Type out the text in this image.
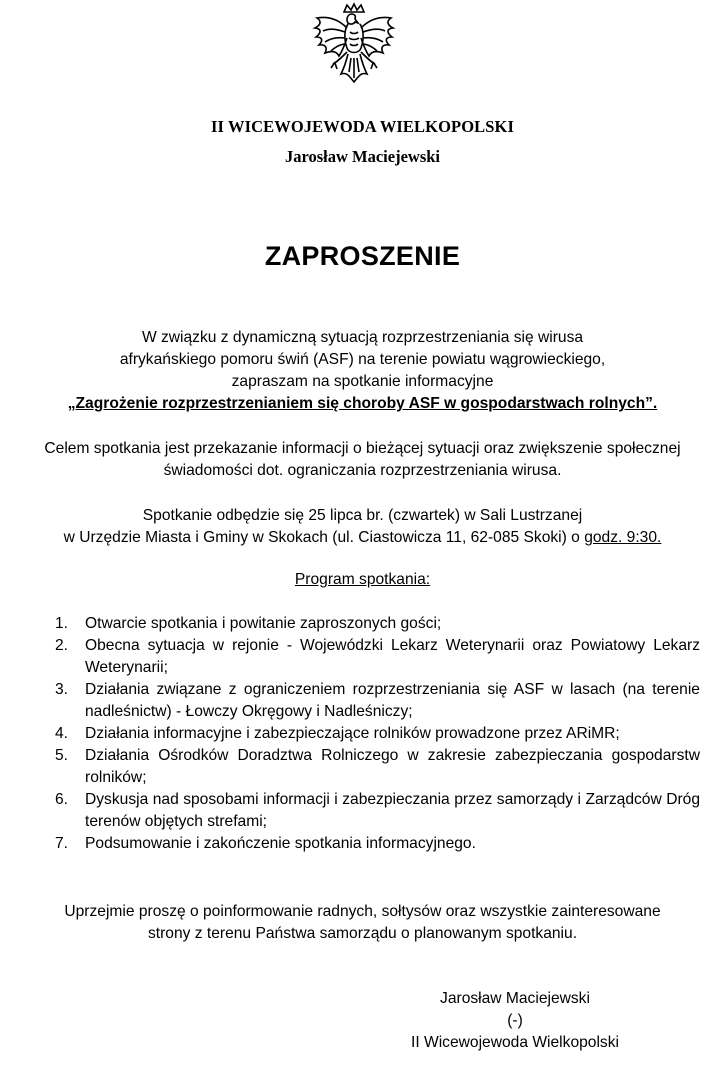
II WICEWOJEWODA WIELKOPOLSKI
Jarosław Maciejewski
ZAPROSZENIE
W związku z dynamiczną sytuacją rozprzestrzeniania się wirusa
afrykańskiego pomoru świń (ASF) na terenie powiatu wągrowieckiego,
zapraszam na spotkanie informacyjne
„Zagrożenie rozprzestrzenianiem się choroby ASF w gospodarstwach rolnych”.
Celem spotkania jest przekazanie informacji o bieżącej sytuacji oraz zwiększenie społecznej
świadomości dot. ograniczania rozprzestrzeniania wirusa.
Spotkanie odbędzie się 25 lipca br. (czwartek) w Sali Lustrzanej
w Urzędzie Miasta i Gminy w Skokach (ul. Ciastowicza 11, 62-085 Skoki) o godz. 9:30.
Program spotkania:
1. Otwarcie spotkania i powitanie zaproszonych gości;
2. Obecna sytuacja w rejonie - Wojewódzki Lekarz Weterynarii oraz Powiatowy Lekarz Weterynarii;
3. Działania związane z ograniczeniem rozprzestrzeniania się ASF w lasach (na terenie nadleśnictw) - Łowczy Okręgowy i Nadleśniczy;
4. Działania informacyjne i zabezpieczające rolników prowadzone przez ARiMR;
5. Działania Ośrodków Doradztwa Rolniczego w zakresie zabezpieczania gospodarstw rolników;
6. Dyskusja nad sposobami informacji i zabezpieczania przez samorządy i Zarządców Dróg terenów objętych strefami;
7. Podsumowanie i zakończenie spotkania informacyjnego.
Uprzejmie proszę o poinformowanie radnych, sołtysów oraz wszystkie zainteresowane
strony z terenu Państwa samorządu o planowanym spotkaniu.
Jarosław Maciejewski
(-)
II Wicewojewoda Wielkopolski
